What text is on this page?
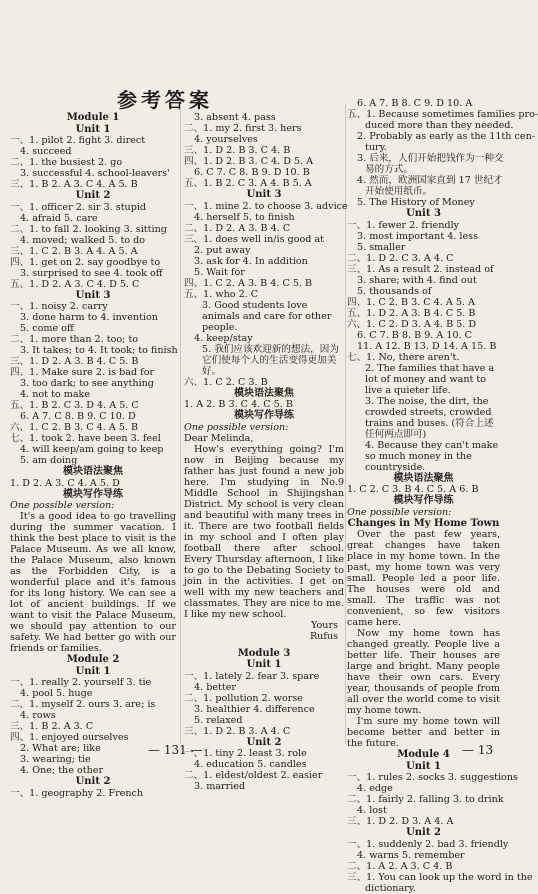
参考答案
Module 1
Unit 1
一、1. pilot 2. fight 3. direct
4. succeed
二、1. the busiest 2. go
3. successful 4. school-leavers'
三、1. B 2. A 3. C 4. A 5. B
Unit 2
一、1. officer 2. sir 3. stupid
4. afraid 5. care
二、1. to fall 2. looking 3. sitting
4. moved; walked 5. to do
三、1. C 2. B 3. A 4. A 5. A
四、1. get on 2. say goodbye to
3. surprised to see 4. took off
五、1. D 2. A 3. C 4. D 5. C
Unit 3
一、1. noisy 2. carry
3. done harm to 4. invention
5. come off
二、1. more than 2. too; to
3. It takes; to 4. It took; to finish
三、1. D 2. A 3. B 4. C 5. B
四、1. Make sure 2. is bad for
3. too dark; to see anything
4. not to make
五、1. B 2. C 3. D 4. A 5. C
6. A 7. C 8. B 9. C 10. D
六、1. C 2. B 3. C 4. A 5. B
七、1. took 2. have been 3. feel
4. will keep/am going to keep
5. am doing
模块语法聚焦
1. D 2. A 3. C 4. A 5. D
模块写作导练
One possible version:
It's a good idea to go travelling during the summer vacation. I think the best place to visit is the Palace Museum. As we all know, the Palace Museum, also known as the Forbidden City, is a wonderful place and it's famous for its long history. We can see a lot of ancient buildings. If we want to visit the Palace Museum, we should pay attention to our safety. We had better go with our friends or families.
Module 2
Unit 1
一、1. really 2. yourself 3. tie
4. pool 5. huge
二、1. myself 2. ours 3. are; is
4. rows
三、1. B 2. A 3. C
四、1. enjoyed ourselves
2. What are; like
3. wearing; tie
4. One; the other
Unit 2
一、1. geography 2. French
3. absent 4. pass
二、1. my 2. first 3. hers
4. yourselves
三、1. D 2. B 3. C 4. B
四、1. D 2. B 3. C 4. D 5. A
6. C 7. C 8. B 9. D 10. B
五、1. B 2. C 3. A 4. B 5. A
Unit 3
一、1. mine 2. to choose 3. advice
4. herself 5. to finish
二、1. D 2. A 3. B 4. C
三、1. does well in/is good at
2. put away
3. ask for 4. In addition
5. Wait for
四、1. C 2. A 3. B 4. C 5. B
五、1. who 2. C
3. Good students love animals and care for other people.
4. keep/stay
5. 我们应该欢迎新的想法，因为它们使每个人的生活变得更加美好。
六、1. C 2. C 3. B
模块语法聚焦
1. A 2. B 3. C 4. C 5. B
模块写作导练
One possible version:
Dear Melinda,
How's everything going? I'm now in Beijing because my father has just found a new job here. I'm studying in No.9 Middle School in Shijingshan District. My school is very clean and beautiful with many trees in it. There are two football fields in my school and I often play football there after school. Every Thursday afternoon, I like to go to the Debating Society to join in the activities. I get on well with my new teachers and classmates. They are nice to me. I like my new school.
Yours
Rufus
Module 3
Unit 1
一、1. lately 2. fear 3. spare
4. better
二、1. pollution 2. worse
3. healthier 4. difference
5. relaxed
三、1. D 2. B 3. A 4. C
Unit 2
一、1. tiny 2. least 3. role
4. education 5. candles
二、1. eldest/oldest 2. easier
3. married
6. A 7. B 8. C 9. D 10. A
五、1. Because sometimes families pro-
duced more than they needed.
2. Probably as early as the 11th cen-
tury.
3. 后来，人们开始把钱作为一种交
易的方式。
4. 然而，欧洲国家直到 17 世纪才
开始使用纸币。
5. The History of Money
Unit 3
一、1. fewer 2. friendly
3. most important 4. less
5. smaller
二、1. D 2. C 3. A 4. C
三、1. As a result 2. instead of
3. share; with 4. find out
5. thousands of
四、1. C 2. B 3. C 4. A 5. A
五、1. D 2. A 3. B 4. C 5. B
六、1. C 2. D 3. A 4. B 5. D
6. C 7. B 8. B 9. A 10. C
11. A 12. B 13. D 14. A 15. B
七、1. No, there aren't.
2. The families that have a lot of money and want to live a quieter life.
3. The noise, the dirt, the crowded streets, crowded trains and buses. (符合上述任何两点即可)
4. Because they can't make so much money in the countryside.
模块语法聚焦
1. C 2. C 3. B 4. C 5. A 6. B
模块写作导练
One possible version:
Changes in My Home Town
Over the past few years, great changes have taken place in my home town. In the past, my home town was very small. People led a poor life. The houses were old and small. The traffic was not convenient, so few visitors came here.
Now my home town has changed greatly. People live a better life. Their houses are large and bright. Many people have their own cars. Every year, thousands of people from all over the world come to visit my home town.
I'm sure my home town will become better and better in the future.
Module 4
Unit 1
一、1. rules 2. socks 3. suggestions
4. edge
二、1. fairly 2. falling 3. to drink
4. lost
三、1. D 2. D 3. A 4. A
Unit 2
一、1. suddenly 2. bad 3. friendly
4. warns 5. remember
二、1. A 2. A 3. C 4. B
三、1. You can look up the word in the
dictionary.
— 131 —	— 13
